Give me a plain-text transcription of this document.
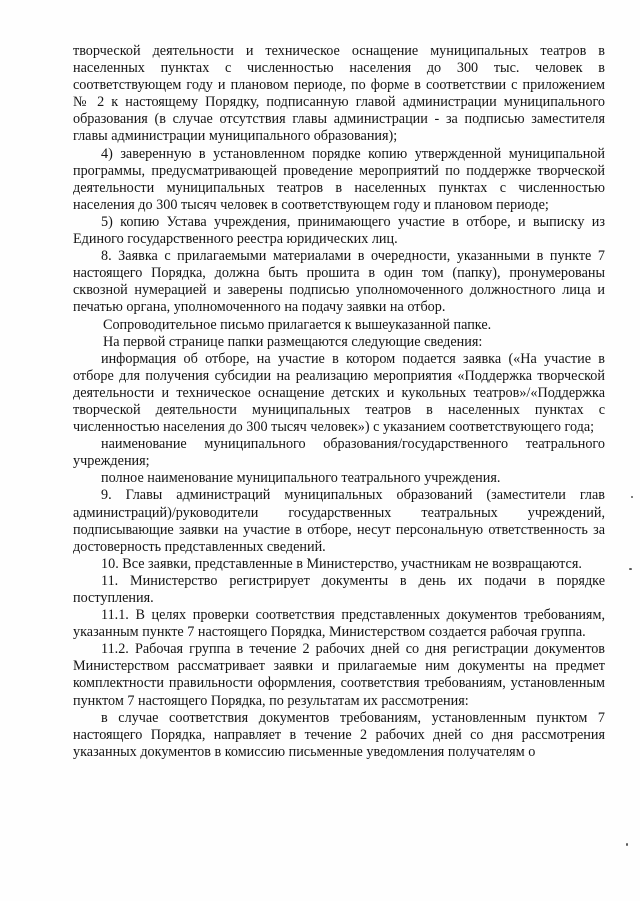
творческой деятельности и техническое оснащение муниципальных театров в населенных пунктах с численностью населения до 300 тыс. человек в соответствующем году и плановом периоде, по форме в соответствии с приложением № 2 к настоящему Порядку, подписанную главой администрации муниципального образования (в случае отсутствия главы администрации - за подписью заместителя главы администрации муниципального образования);

4) заверенную в установленном порядке копию утвержденной муниципальной программы, предусматривающей проведение мероприятий по поддержке творческой деятельности муниципальных театров в населенных пунктах с численностью населения до 300 тысяч человек в соответствующем году и плановом периоде;

5) копию Устава учреждения, принимающего участие в отборе, и выписку из Единого государственного реестра юридических лиц.

8. Заявка с прилагаемыми материалами в очередности, указанными в пункте 7 настоящего Порядка, должна быть прошита в один том (папку), пронумерованы сквозной нумерацией и заверены подписью уполномоченного должностного лица и печатью органа, уполномоченного на подачу заявки на отбор.

Сопроводительное письмо прилагается к вышеуказанной папке.

На первой странице папки размещаются следующие сведения:

информация об отборе, на участие в котором подается заявка («На участие в отборе для получения субсидии на реализацию мероприятия «Поддержка творческой деятельности и техническое оснащение детских и кукольных театров»/«Поддержка творческой деятельности муниципальных театров в населенных пунктах с численностью населения до 300 тысяч человек») с указанием соответствующего года;

наименование муниципального образования/государственного театрального учреждения;

полное наименование муниципального театрального учреждения.

9. Главы администраций муниципальных образований (заместители глав администраций)/руководители государственных театральных учреждений, подписывающие заявки на участие в отборе, несут персональную ответственность за достоверность представленных сведений.

10. Все заявки, представленные в Министерство, участникам не возвращаются.

11. Министерство регистрирует документы в день их подачи в порядке поступления.

11.1. В целях проверки соответствия представленных документов требованиям, указанным пункте 7 настоящего Порядка, Министерством создается рабочая группа.

11.2. Рабочая группа в течение 2 рабочих дней со дня регистрации документов Министерством рассматривает заявки и прилагаемые ним документы на предмет комплектности правильности оформления, соответствия требованиям, установленным пунктом 7 настоящего Порядка, по результатам их рассмотрения:

в случае соответствия документов требованиям, установленным пунктом 7 настоящего Порядка, направляет в течение 2 рабочих дней со дня рассмотрения указанных документов в комиссию письменные уведомления получателям о
